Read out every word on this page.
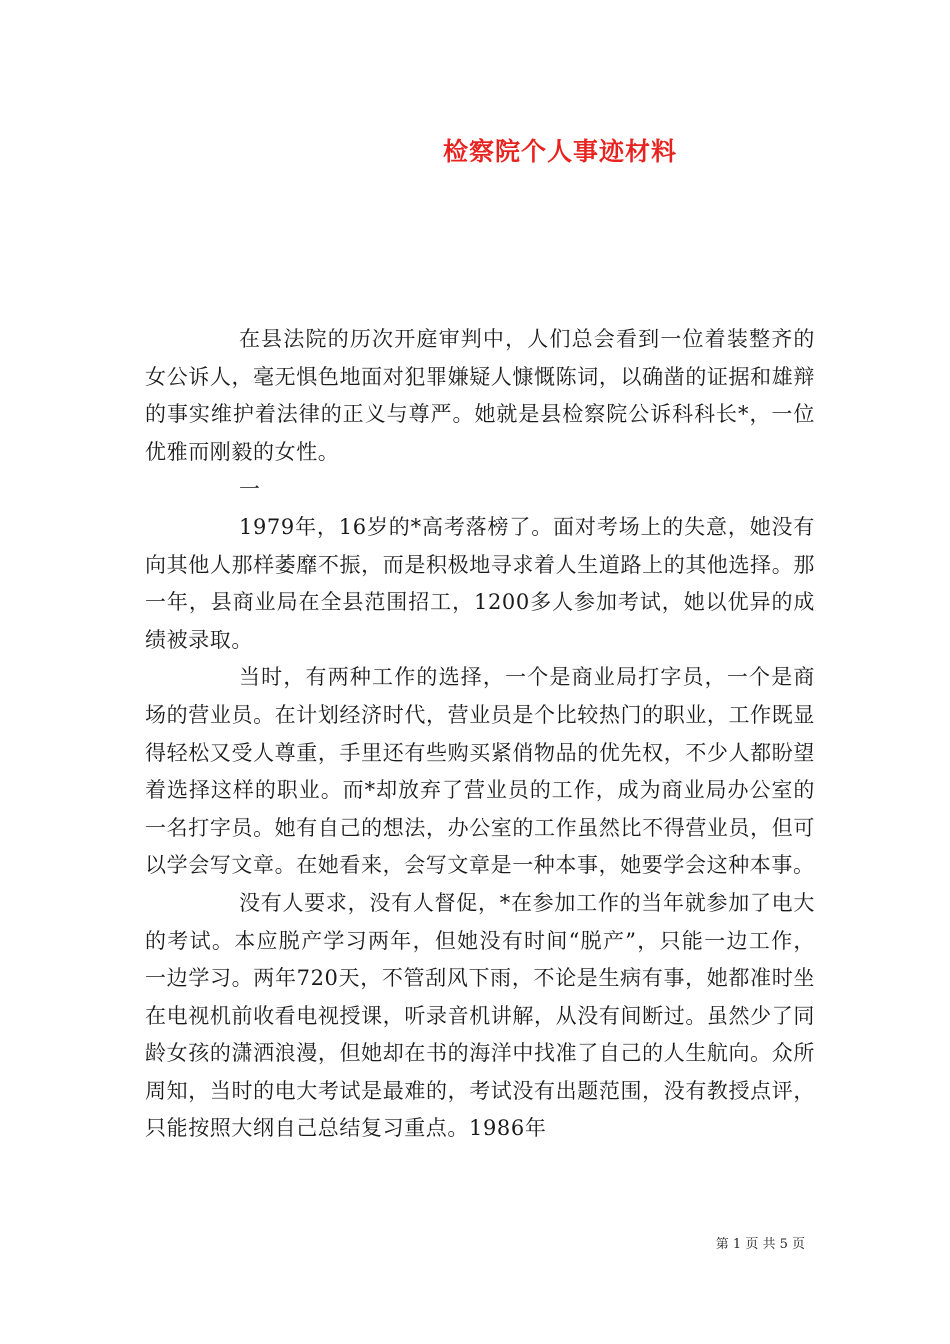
检察院个人事迹材料

在县法院的历次开庭审判中，人们总会看到一位着装整齐的女公诉人，毫无惧色地面对犯罪嫌疑人慷慨陈词，以确凿的证据和雄辩的事实维护着法律的正义与尊严。她就是县检察院公诉科科长*，一位优雅而刚毅的女性。

一

1979年，16岁的*高考落榜了。面对考场上的失意，她没有向其他人那样萎靡不振，而是积极地寻求着人生道路上的其他选择。那一年，县商业局在全县范围招工，1200多人参加考试，她以优异的成绩被录取。

当时，有两种工作的选择，一个是商业局打字员，一个是商场的营业员。在计划经济时代，营业员是个比较热门的职业，工作既显得轻松又受人尊重，手里还有些购买紧俏物品的优先权，不少人都盼望着选择这样的职业。而*却放弃了营业员的工作，成为商业局办公室的一名打字员。她有自己的想法，办公室的工作虽然比不得营业员，但可以学会写文章。在她看来，会写文章是一种本事，她要学会这种本事。

没有人要求，没有人督促，*在参加工作的当年就参加了电大的考试。本应脱产学习两年，但她没有时间“脱产”，只能一边工作，一边学习。两年720天，不管刮风下雨，不论是生病有事，她都准时坐在电视机前收看电视授课，听录音机讲解，从没有间断过。虽然少了同龄女孩的潇洒浪漫，但她却在书的海洋中找准了自己的人生航向。众所周知，当时的电大考试是最难的，考试没有出题范围，没有教授点评，只能按照大纲自己总结复习重点。1986年

第 1 页 共 5 页
